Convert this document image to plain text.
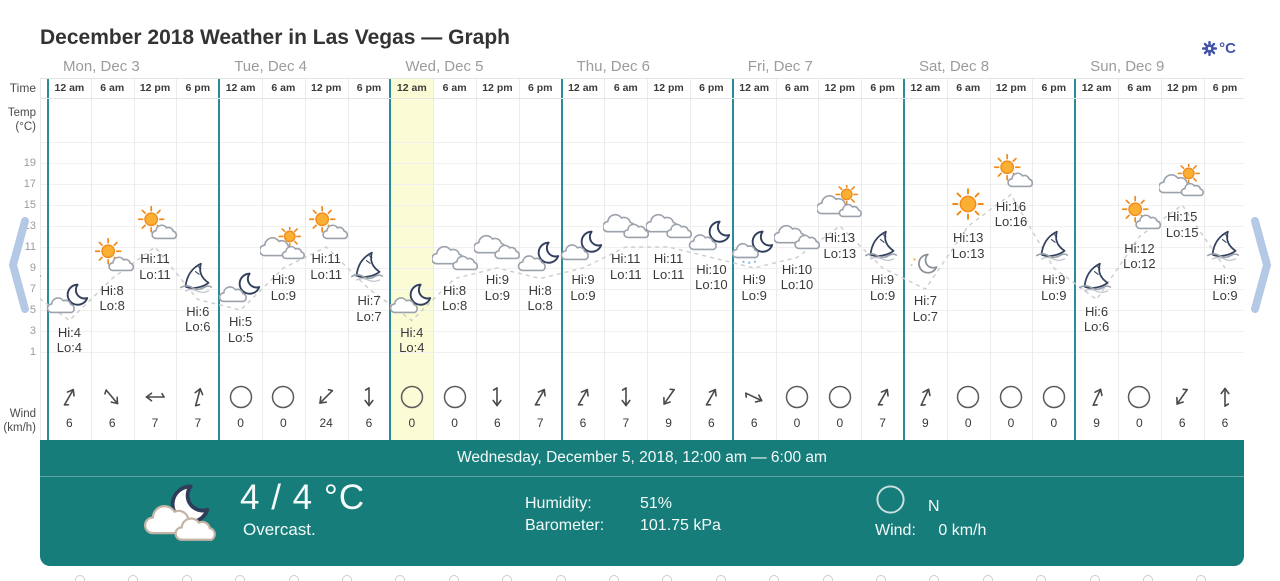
December 2018 Weather in Las Vegas — Graph	°C
Time
Temp
(°C)
19
17
15
13
11
9
7
5
3
1
Wind
(km/h)
Mon, Dec 3	Tue, Dec 4	Wed, Dec 5	Thu, Dec 6	Fri, Dec 7	Sat, Dec 8	Sun, Dec 9
12 am
Hi:4
Lo:4
6
6 am
Hi:8
Lo:8
6
12 pm
Hi:11
Lo:11
7
6 pm
Hi:6
Lo:6
7
12 am
Hi:5
Lo:5
0
6 am
Hi:9
Lo:9
0
12 pm
Hi:11
Lo:11
24
6 pm
Hi:7
Lo:7
6
12 am
Hi:4
Lo:4
0
6 am
Hi:8
Lo:8
0
12 pm
Hi:9
Lo:9
6
6 pm
Hi:8
Lo:8
7
12 am
Hi:9
Lo:9
6
6 am
Hi:11
Lo:11
7
12 pm
Hi:11
Lo:11
9
6 pm
Hi:10
Lo:10
6
12 am
Hi:9
Lo:9
6
6 am
Hi:10
Lo:10
0
12 pm
Hi:13
Lo:13
0
6 pm
Hi:9
Lo:9
7
12 am
Hi:7
Lo:7
9
6 am
Hi:13
Lo:13
0
12 pm
Hi:16
Lo:16
0
6 pm
Hi:9
Lo:9
0
12 am
Hi:6
Lo:6
9
6 am
Hi:12
Lo:12
0
12 pm
Hi:15
Lo:15
6
6 pm
Hi:9
Lo:9
6
Wednesday, December 5, 2018, 12:00 am — 6:00 am
4 / 4 °C
Overcast.
Humidity:	51%
Barometer:	101.75 kPa
N
Wind: 0 km/h
